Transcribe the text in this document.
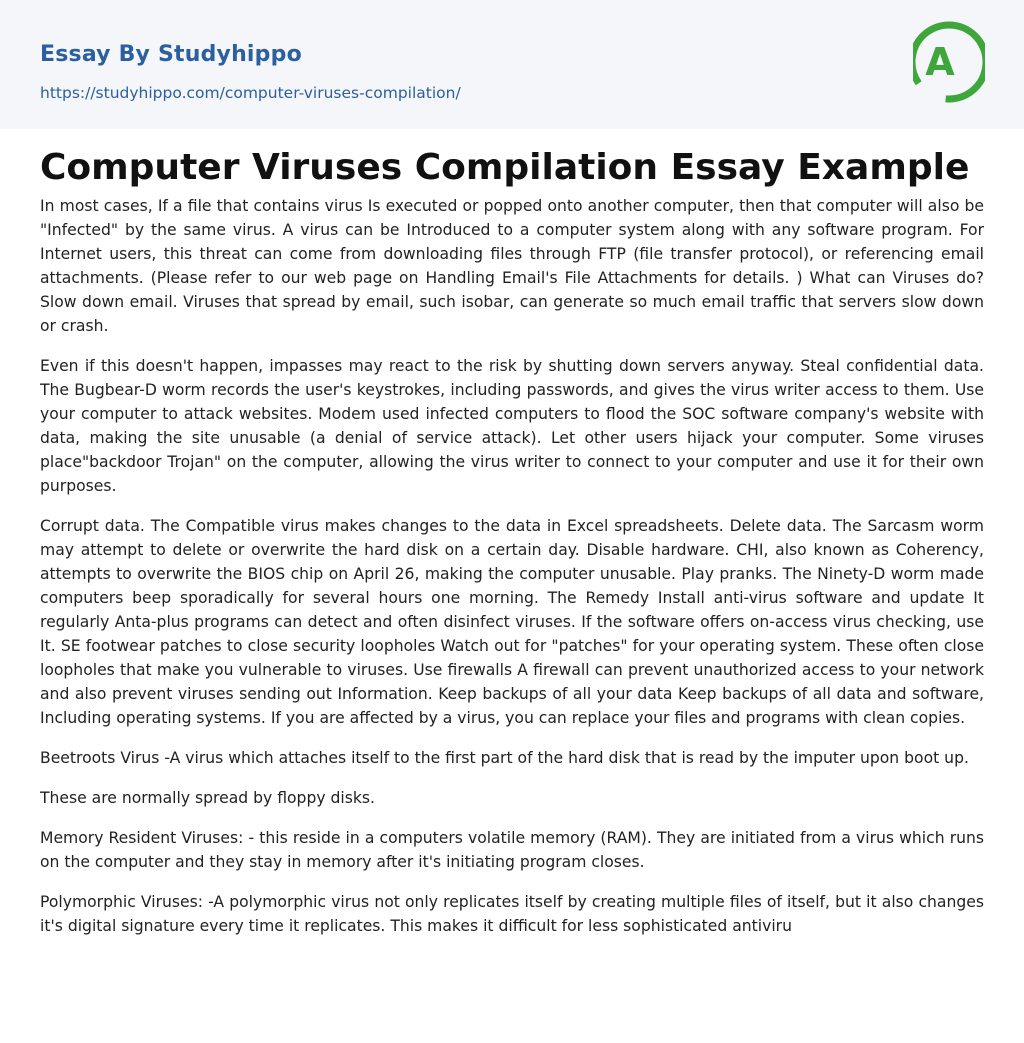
Essay By Studyhippo
https://studyhippo.com/computer-viruses-compilation/
A
Computer Viruses Compilation Essay Example

In most cases, If a file that contains virus Is executed or popped onto another computer, then that computer will also be "Infected" by the same virus. A virus can be Introduced to a computer system along with any software program. For Internet users, this threat can come from downloading files through FTP (file transfer protocol), or referencing email attachments. (Please refer to our web page on Handling Email's File Attachments for details. ) What can Viruses do? Slow down email. Viruses that spread by email, such isobar, can generate so much email traffic that servers slow down or crash.

Even if this doesn't happen, impasses may react to the risk by shutting down servers anyway. Steal confidential data. The Bugbear-D worm records the user's keystrokes, including passwords, and gives the virus writer access to them. Use your computer to attack websites. Modem used infected computers to flood the SOC software company's website with data, making the site unusable (a denial of service attack). Let other users hijack your computer. Some viruses place"backdoor Trojan" on the computer, allowing the virus writer to connect to your computer and use it for their own purposes.

Corrupt data. The Compatible virus makes changes to the data in Excel spreadsheets. Delete data. The Sarcasm worm may attempt to delete or overwrite the hard disk on a certain day. Disable hardware. CHI, also known as Coherency, attempts to overwrite the BIOS chip on April 26, making the computer unusable. Play pranks. The Ninety-D worm made computers beep sporadically for several hours one morning. The Remedy Install anti-virus software and update It regularly Anta-plus programs can detect and often disinfect viruses. If the software offers on-access virus checking, use It. SE footwear patches to close security loopholes Watch out for "patches" for your operating system. These often close loopholes that make you vulnerable to viruses. Use firewalls A firewall can prevent unauthorized access to your network and also prevent viruses sending out Information. Keep backups of all your data Keep backups of all data and software, Including operating systems. If you are affected by a virus, you can replace your files and programs with clean copies.

Beetroots Virus -A virus which attaches itself to the first part of the hard disk that is read by the imputer upon boot up.

These are normally spread by floppy disks.

Memory Resident Viruses: - this reside in a computers volatile memory (RAM). They are initiated from a virus which runs on the computer and they stay in memory after it's initiating program closes.

Polymorphic Viruses: -A polymorphic virus not only replicates itself by creating multiple files of itself, but it also changes it's digital signature every time it replicates. This makes it difficult for less sophisticated antiviru
